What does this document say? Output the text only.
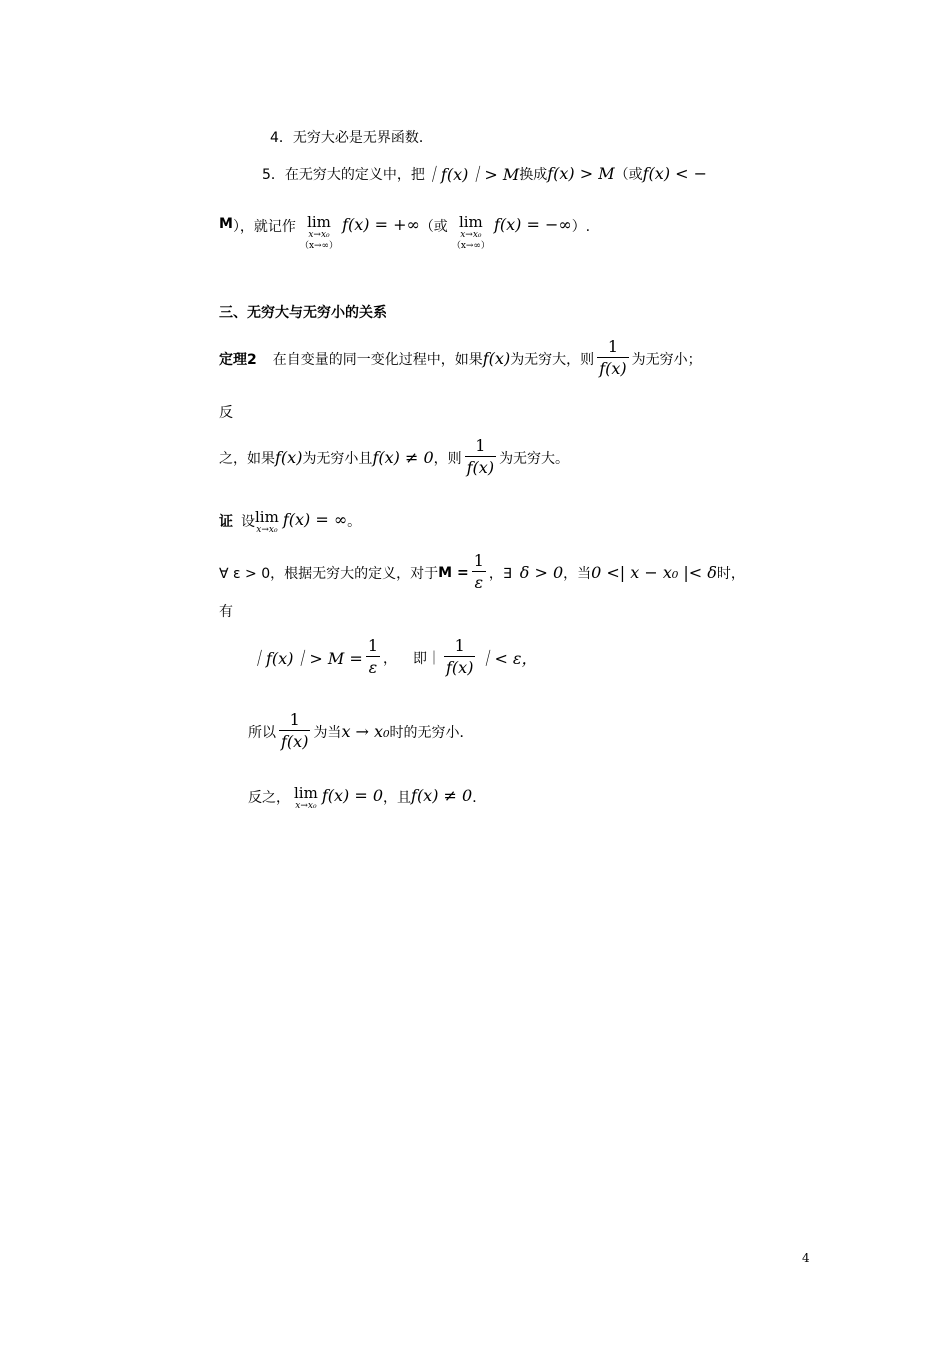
4．无穷大必是无界函数．
5．在无穷大的定义中，把 ｜f(x)｜> M 换成 f(x) > M （或 f(x) < −
M ），就记作 lim
x→x₀
（x→∞）
f(x) = +∞ （或 lim
x→x₀
（x→∞）
f(x) = −∞ ）.
三、无穷大与无穷小的关系
定理2 在自变量的同一变化过程中，如果 f(x) 为无穷大，则 $\frac{1}{f(x)}$ 为无穷小；
反
之，如果 f(x) 为无穷小且 f(x) ≠ 0 ，则 $\frac{1}{f(x)}$ 为无穷大。
证 设 lim
x→x₀
f(x) = ∞ 。
∀ ε > 0，根据无穷大的定义，对于 $M = \frac{1}{\varepsilon}$ ，∃ δ > 0 ，当 0 <| x − x₀ |< δ 时，
有
｜f(x)｜> $M = \frac{1}{\varepsilon}$ ， 即 ｜ $\frac{1}{f(x)}$ ｜< ε，
所以 $\frac{1}{f(x)}$ 为当 x → x₀ 时的无穷小．
反之， lim
x→x₀
f(x) = 0 ，且 f(x) ≠ 0 ．
4
